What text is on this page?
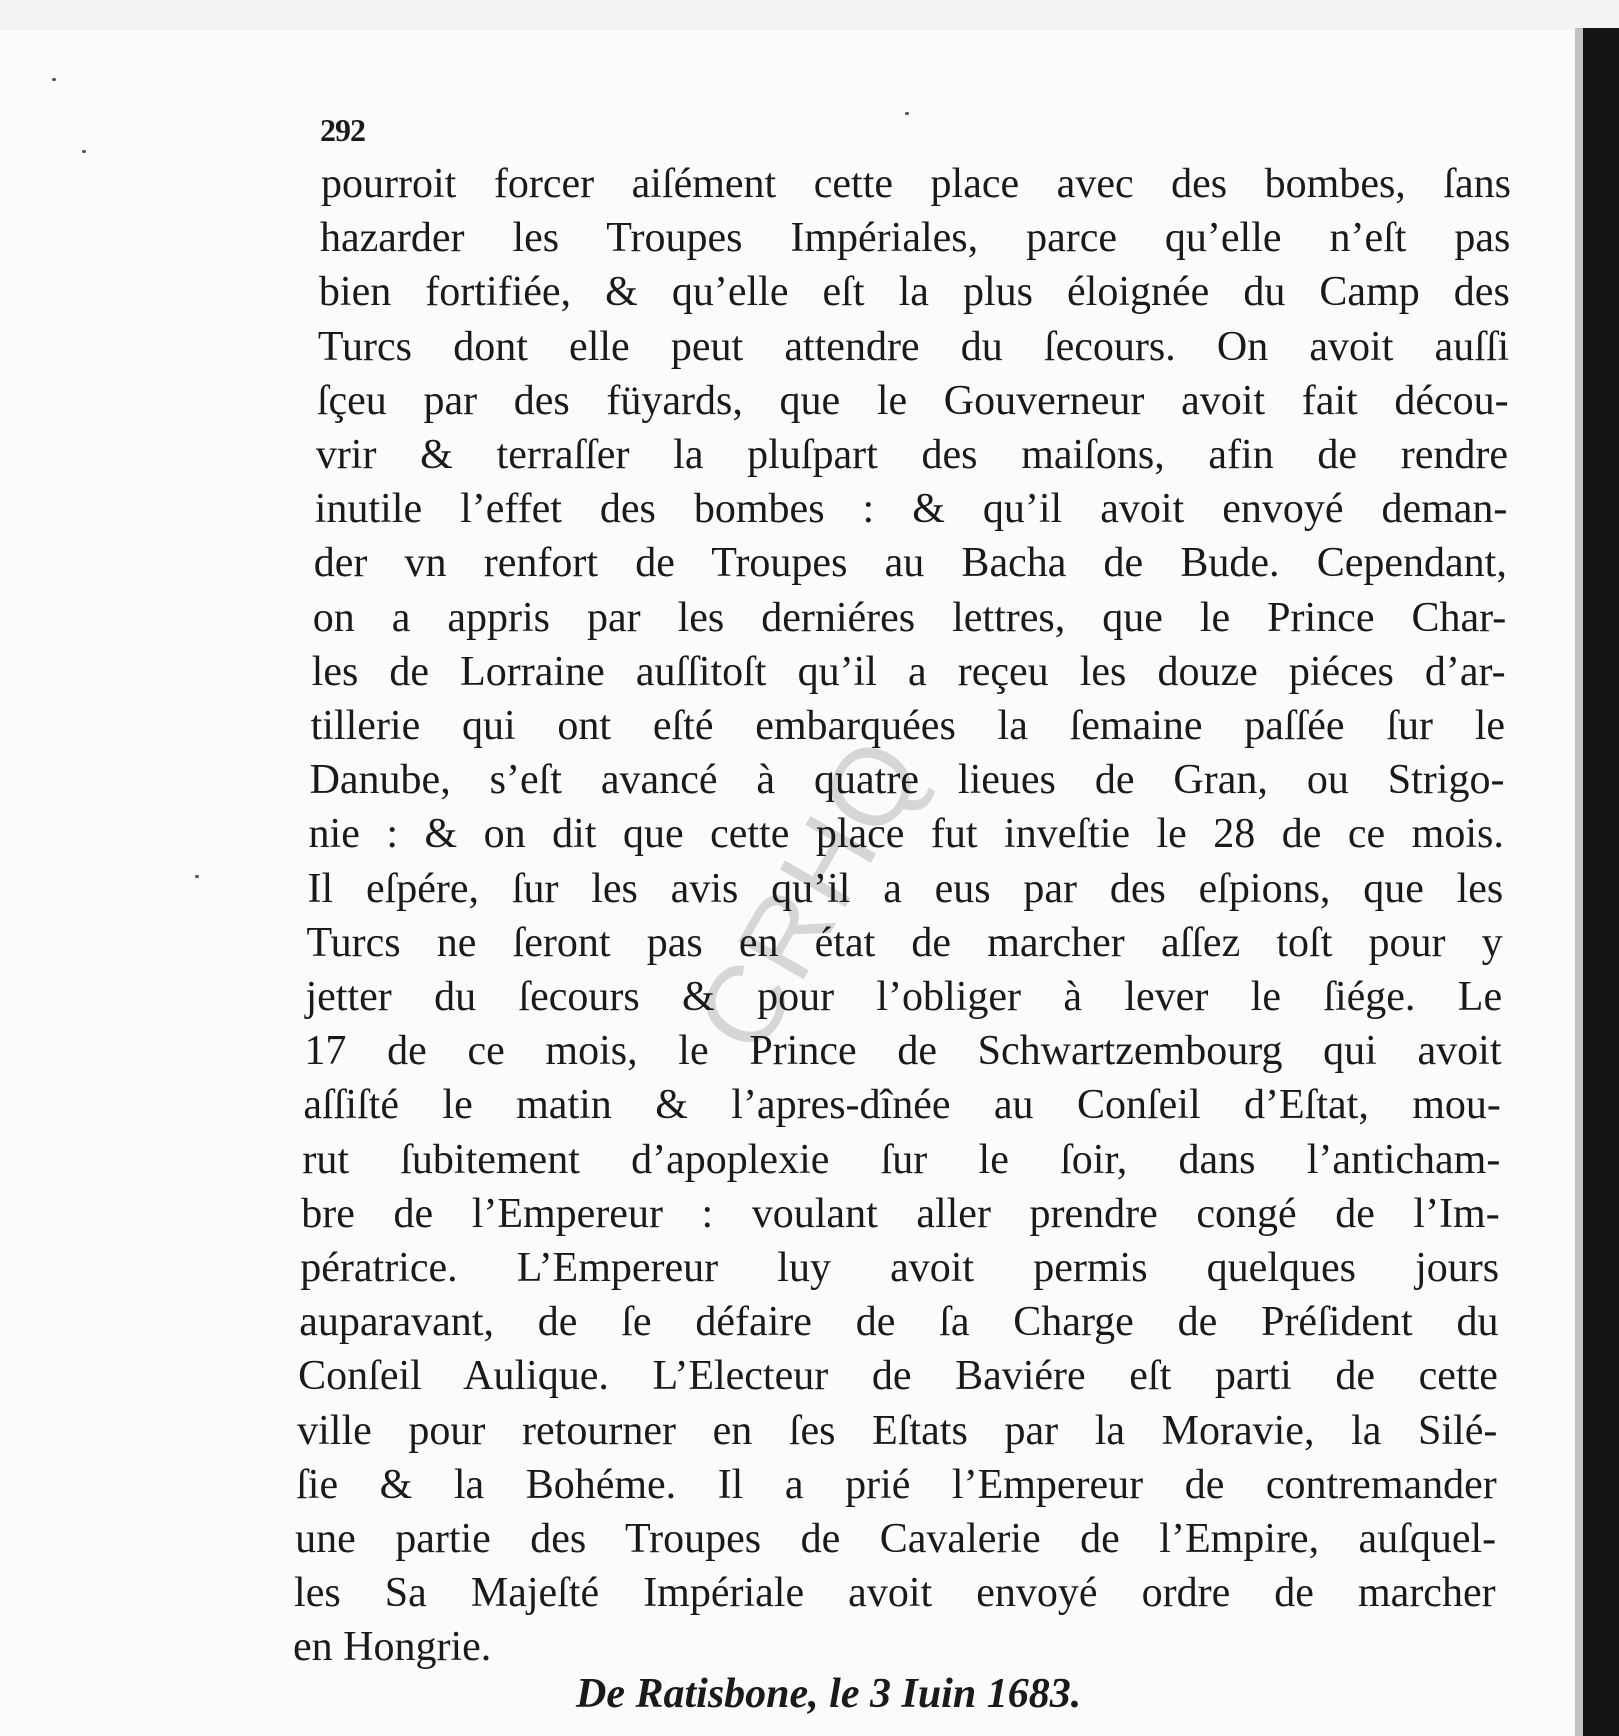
CRHQ
292
pourroit forcer aiſément cette place avec des bombes, ſans
hazarder les Troupes Impériales, parce qu’elle n’eſt pas
bien fortifiée, & qu’elle eſt la plus éloignée du Camp des
Turcs dont elle peut attendre du ſecours. On avoit auſſi
ſçeu par des füyards, que le Gouverneur avoit fait décou-
vrir & terraſſer la pluſpart des maiſons, afin de rendre
inutile l’effet des bombes : & qu’il avoit envoyé deman-
der vn renfort de Troupes au Bacha de Bude. Cependant,
on a appris par les derniéres lettres, que le Prince Char-
les de Lorraine auſſitoſt qu’il a reçeu les douze piéces d’ar-
tillerie qui ont eſté embarquées la ſemaine paſſée ſur le
Danube, s’eſt avancé à quatre lieues de Gran, ou Strigo-
nie : & on dit que cette place fut inveſtie le 28 de ce mois.
Il eſpére, ſur les avis qu’il a eus par des eſpions, que les
Turcs ne ſeront pas en état de marcher aſſez toſt pour y
jetter du ſecours & pour l’obliger à lever le ſiége. Le
17 de ce mois, le Prince de Schwartzembourg qui avoit
aſſiſté le matin & l’apres-dînée au Conſeil d’Eſtat, mou-
rut ſubitement d’apoplexie ſur le ſoir, dans l’anticham-
bre de l’Empereur : voulant aller prendre congé de l’Im-
pératrice. L’Empereur luy avoit permis quelques jours
auparavant, de ſe défaire de ſa Charge de Préſident du
Conſeil Aulique. L’Electeur de Baviére eſt parti de cette
ville pour retourner en ſes Eſtats par la Moravie, la Silé-
ſie & la Bohéme. Il a prié l’Empereur de contremander
une partie des Troupes de Cavalerie de l’Empire, auſquel-
les Sa Majeſté Impériale avoit envoyé ordre de marcher
en Hongrie.
De Ratisbone, le 3 Iuin 1683.
